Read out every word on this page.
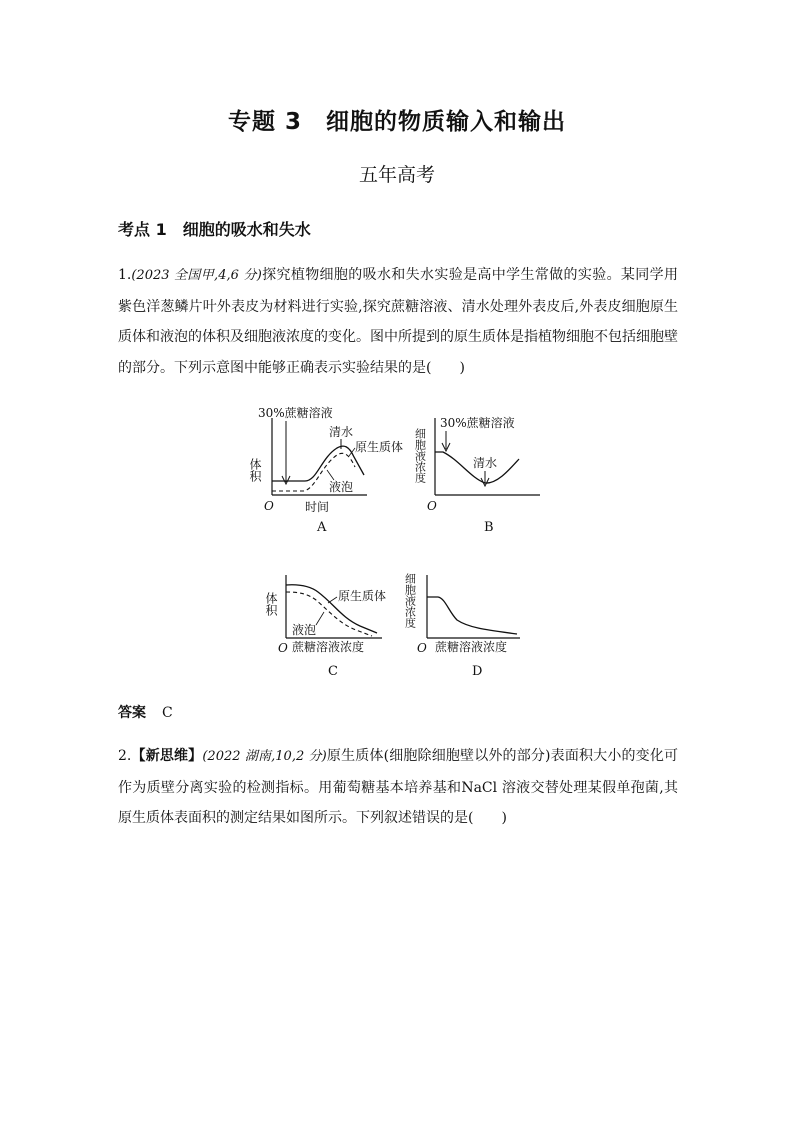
专题 3　细胞的物质输入和输出
五年高考
考点 1　细胞的吸水和失水
1.(2023 全国甲,4,6 分)探究植物细胞的吸水和失水实验是高中学生常做的实验。某同学用紫色洋葱鳞片叶外表皮为材料进行实验,探究蔗糖溶液、清水处理外表皮后,外表皮细胞原生质体和液泡的体积及细胞液浓度的变化。图中所提到的原生质体是指植物细胞不包括细胞壁的部分。下列示意图中能够正确表示实验结果的是(　　)
30%蔗糖溶液
体积
O	时间
清水
原生质体
液泡
A
30%蔗糖溶液
细胞液浓度
O
清水
B
体积
O 蔗糖溶液浓度
原生质体
液泡
C
细胞液浓度
O 蔗糖溶液浓度
D
答案 C
2.【新思维】(2022 湖南,10,2 分)原生质体(细胞除细胞壁以外的部分)表面积大小的变化可作为质壁分离实验的检测指标。用葡萄糖基本培养基和NaCl 溶液交替处理某假单孢菌,其原生质体表面积的测定结果如图所示。下列叙述错误的是(　　)
